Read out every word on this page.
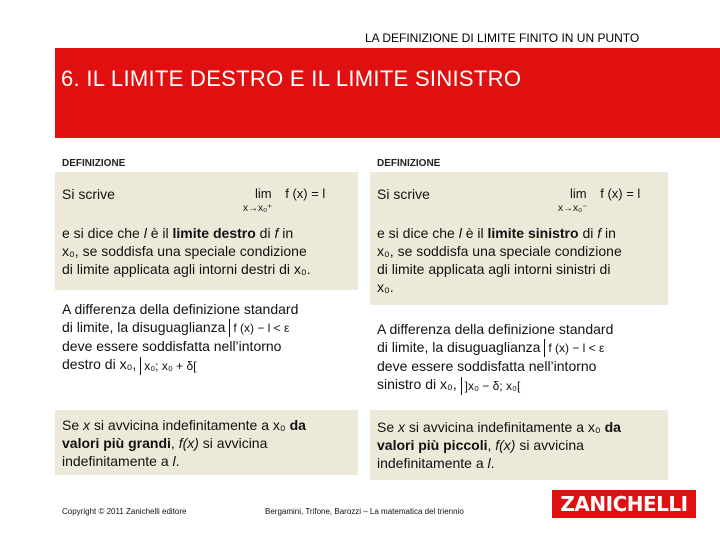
LA DEFINIZIONE DI LIMITE FINITO IN UN PUNTO
6. IL LIMITE DESTRO E IL LIMITE SINISTRO
DEFINIZIONE
Si scrive	lim f (x) = l
x→x₀⁺
e si dice che l è il limite destro di f in
x₀, se soddisfa una speciale condizione
di limite applicata agli intorni destri di x₀.
A differenza della definizione standard
di limite, la disuguaglianza f (x) − l < ε
deve essere soddisfatta nell’intorno
destro di x₀, x₀; x₀ + δ[
Se x si avvicina indefinitamente a x₀ da
valori più grandi, f(x) si avvicina
indefinitamente a l.
DEFINIZIONE
Si scrive	lim f (x) = l
x→x₀⁻
e si dice che l è il limite sinistro di f in
x₀, se soddisfa una speciale condizione
di limite applicata agli intorni sinistri di
x₀.
A differenza della definizione standard
di limite, la disuguaglianza f (x) − l < ε
deve essere soddisfatta nell’intorno
sinistro di x₀, ]x₀ − δ; x₀[
Se x si avvicina indefinitamente a x₀ da
valori più piccoli, f(x) si avvicina
indefinitamente a l.
Copyright © 2011 Zanichelli editore	Bergamini, Trifone, Barozzi – La matematica del triennio	ZANICHELLI
